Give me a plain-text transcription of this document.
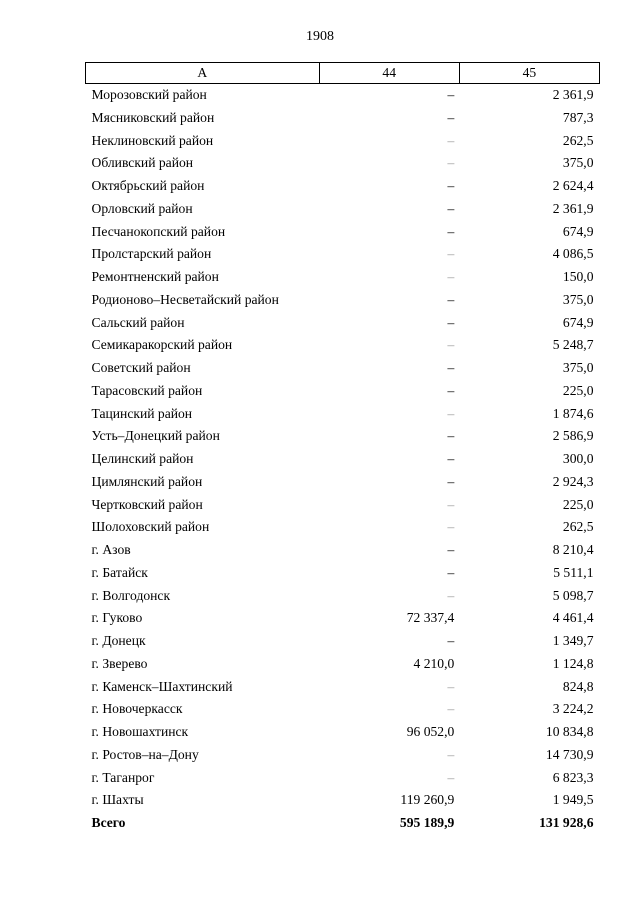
1908
А	44	45
Морозовский район	–	2 361,9
Мясниковский район	–	787,3
Неклиновский район	–	262,5
Обливский район	–	375,0
Октябрьский район	–	2 624,4
Орловский район	–	2 361,9
Песчанокопский район	–	674,9
Пролстарский район	–	4 086,5
Ремонтненский район	–	150,0
Родионово–Несветайский район	–	375,0
Сальский район	–	674,9
Семикаракорский район	–	5 248,7
Советский район	–	375,0
Тарасовский район	–	225,0
Тацинский район	–	1 874,6
Усть–Донецкий район	–	2 586,9
Целинский район	–	300,0
Цимлянский район	–	2 924,3
Чертковский район	–	225,0
Шолоховский район	–	262,5
г. Азов	–	8 210,4
г. Батайск	–	5 511,1
г. Волгодонск	–	5 098,7
г. Гуково	72 337,4	4 461,4
г. Донецк	–	1 349,7
г. Зверево	4 210,0	1 124,8
г. Каменск–Шахтинский	–	824,8
г. Новочеркасск	–	3 224,2
г. Новошахтинск	96 052,0	10 834,8
г. Ростов–на–Дону	–	14 730,9
г. Таганрог	–	6 823,3
г. Шахты	119 260,9	1 949,5
Всего	595 189,9	131 928,6
